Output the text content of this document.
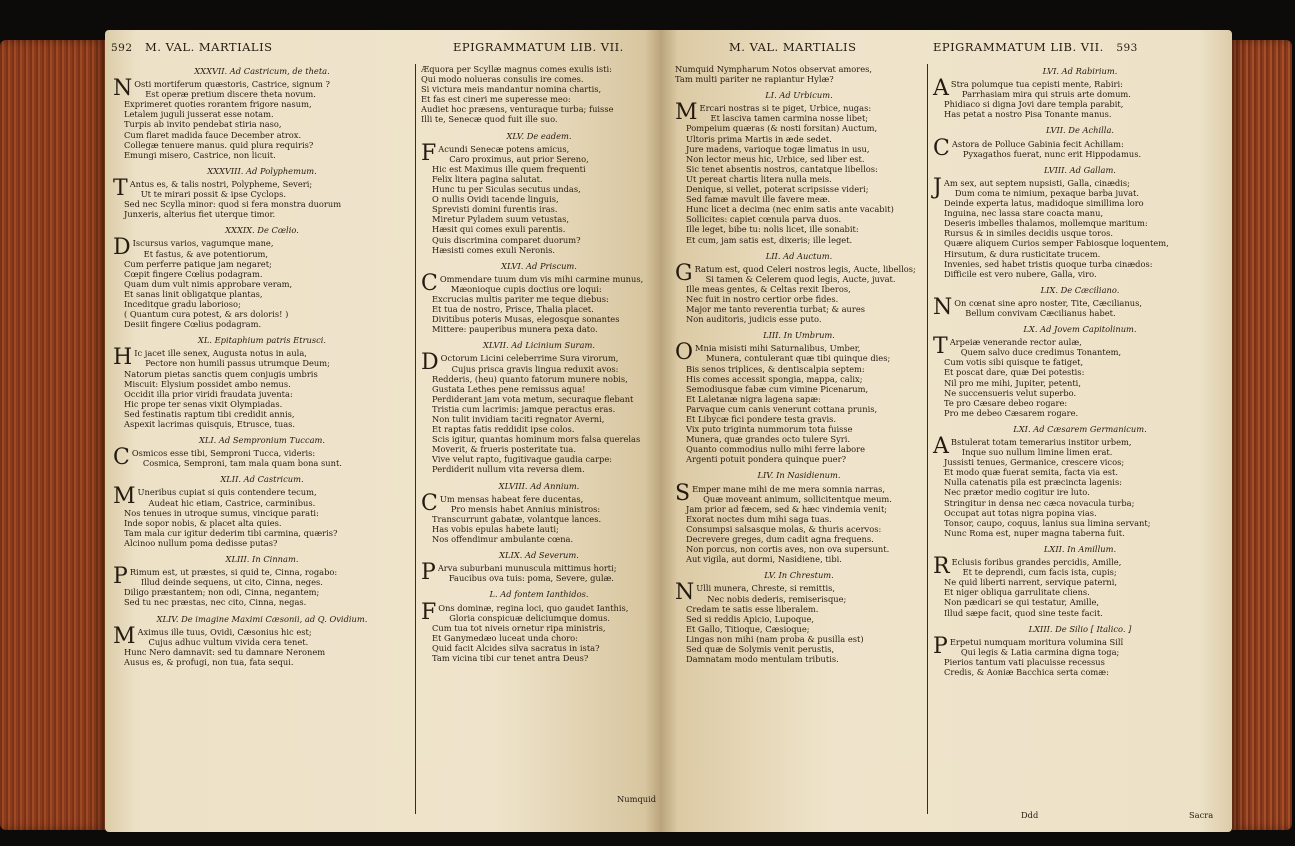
592 M. VAL. MARTIALIS	EPIGRAMMATUM LIB. VII.
XXXVII. Ad Castricum, de theta.
N Osti mortiferum quæstoris, Castrice, signum ?
Est operæ pretium discere theta novum.
Exprimeret quoties rorantem frigore nasum,
Letalem juguli jusserat esse notam.
Turpis ab invito pendebat stiria naso,
Cum flaret madida fauce December atrox.
Collegæ tenuere manus. quid plura requiris?
Emungi misero, Castrice, non licuit.
XXXVIII. Ad Polyphemum.
T Antus es, & talis nostri, Polypheme, Severi;
Ut te mirari possit & ipse Cyclops.
Sed nec Scylla minor: quod si fera monstra duorum
Junxeris, alterius fiet uterque timor.
XXXIX. De Cœlio.
D Iscursus varios, vagumque mane,
Et fastus, & ave potentiorum,
Cum perferre patique jam negaret;
Cœpit fingere Cœlius podagram.
Quam dum vult nimis approbare veram,
Et sanas linit obligatque plantas,
Inceditque gradu laborioso;
( Quantum cura potest, & ars doloris! )
Desiit fingere Cœlius podagram.
XL. Epitaphium patris Etrusci.
H Ic jacet ille senex, Augusta notus in aula,
Pectore non humili passus utrumque Deum;
Natorum pietas sanctis quem conjugis umbris
Miscuit: Elysium possidet ambo nemus.
Occidit illa prior viridi fraudata juventa:
Hic prope ter senas vixit Olympiadas.
Sed festinatis raptum tibi credidit annis,
Aspexit lacrimas quisquis, Etrusce, tuas.
XLI. Ad Sempronium Tuccam.
C Osmicos esse tibi, Semproni Tucca, videris:
Cosmica, Semproni, tam mala quam bona sunt.
XLII. Ad Castricum.
M Uneribus cupiat si quis contendere tecum,
Audeat hic etiam, Castrice, carminibus.
Nos tenues in utroque sumus, vincique parati:
Inde sopor nobis, & placet alta quies.
Tam mala cur igitur dederim tibi carmina, quæris?
Alcinoo nullum poma dedisse putas?
XLIII. In Cinnam.
P Rimum est, ut præstes, si quid te, Cinna, rogabo:
Illud deinde sequens, ut cito, Cinna, neges.
Diligo præstantem; non odi, Cinna, negantem;
Sed tu nec præstas, nec cito, Cinna, negas.
XLIV. De imagine Maximi Cæsonii, ad Q. Ovidium.
M Aximus ille tuus, Ovidi, Cæsonius hic est;
Cujus adhuc vultum vivida cera tenet.
Hunc Nero damnavit: sed tu damnare Neronem
Ausus es, & profugi, non tua, fata sequi.
Æquora per Scyllæ magnus comes exulis isti:
Qui modo nolueras consulis ire comes.
Si victura meis mandantur nomina chartis,
Et fas est cineri me superesse meo:
Audiet hoc præsens, venturaque turba; fuisse
Illi te, Senecæ quod fuit ille suo.
XLV. De eadem.
F Acundi Senecæ potens amicus,
Caro proximus, aut prior Sereno,
Hic est Maximus ille quem frequenti
Felix litera pagina salutat.
Hunc tu per Siculas secutus undas,
O nullis Ovidi tacende linguis,
Sprevisti domini furentis iras.
Miretur Pyladem suum vetustas,
Hæsit qui comes exuli parentis.
Quis discrimina comparet duorum?
Hæsisti comes exuli Neronis.
XLVI. Ad Priscum.
C Ommendare tuum dum vis mihi carmine munus,
Mæonioque cupis doctius ore loqui:
Excrucias multis pariter me teque diebus:
Et tua de nostro, Prisce, Thalia placet.
Divitibus poteris Musas, elegosque sonantes
Mittere: pauperibus munera pexa dato.
XLVII. Ad Licinium Suram.
D Octorum Licini celeberrime Sura virorum,
Cujus prisca gravis lingua reduxit avos:
Redderis, (heu) quanto fatorum munere nobis,
Gustata Lethes pene remissus aqua!
Perdiderant jam vota metum, securaque flebant
Tristia cum lacrimis: jamque peractus eras.
Non tulit invidiam taciti regnator Averni,
Et raptas fatis reddidit ipse colos.
Scis igitur, quantas hominum mors falsa querelas
Moverit, & frueris posteritate tua.
Vive velut rapto, fugitivaque gaudia carpe:
Perdiderit nullum vita reversa diem.
XLVIII. Ad Annium.
C Um mensas habeat fere ducentas,
Pro mensis habet Annius ministros:
Transcurrunt gabatæ, volantque lances.
Has vobis epulas habete lauti;
Nos offendimur ambulante cœna.
XLIX. Ad Severum.
P Arva suburbani munuscula mittimus horti;
Faucibus ova tuis: poma, Severe, gulæ.
L. Ad fontem Ianthidos.
F Ons dominæ, regina loci, quo gaudet Ianthis,
Gloria conspicuæ deliciumque domus.
Cum tua tot niveis ornetur ripa ministris,
Et Ganymedæo luceat unda choro:
Quid facit Alcides silva sacratus in ista?
Tam vicina tibi cur tenet antra Deus?
Numquid
M. VAL. MARTIALIS	EPIGRAMMATUM LIB. VII. 593
Numquid Nympharum Notos observat amores,
Tam multi pariter ne rapiantur Hylæ?
LI. Ad Urbicum.
M Ercari nostras si te piget, Urbice, nugas:
Et lasciva tamen carmina nosse libet;
Pompeium quæras (& nosti forsitan) Auctum,
Ultoris prima Martis in æde sedet.
Jure madens, varioque togæ limatus in usu,
Non lector meus hic, Urbice, sed liber est.
Sic tenet absentis nostros, cantatque libellos:
Ut pereat chartis litera nulla meis.
Denique, si vellet, poterat scripsisse videri;
Sed famæ mavult ille favere meæ.
Hunc licet a decima (nec enim satis ante vacabit)
Sollicites: capiet cœnula parva duos.
Ille leget, bibe tu: nolis licet, ille sonabit:
Et cum, jam satis est, dixeris; ille leget.
LII. Ad Auctum.
G Ratum est, quod Celeri nostros legis, Aucte, libellos;
Si tamen & Celerem quod legis, Aucte, juvat.
Ille meas gentes, & Celtas rexit Iberos,
Nec fuit in nostro certior orbe fides.
Major me tanto reverentia turbat; & aures
Non auditoris, judicis esse puto.
LIII. In Umbrum.
O Mnia misisti mihi Saturnalibus, Umber,
Munera, contulerant quæ tibi quinque dies;
Bis senos triplices, & dentiscalpia septem:
His comes accessit spongia, mappa, calix;
Semodiusque fabæ cum vimine Picenarum,
Et Laletanæ nigra lagena sapæ:
Parvaque cum canis venerunt cottana prunis,
Et Libycæ fici pondere testa gravis.
Vix puto triginta nummorum tota fuisse
Munera, quæ grandes octo tulere Syri.
Quanto commodius nullo mihi ferre labore
Argenti potuit pondera quinque puer?
LIV. In Nasidienum.
S Emper mane mihi de me mera somnia narras,
Quæ moveant animum, sollicitentque meum.
Jam prior ad fæcem, sed & hæc vindemia venit;
Exorat noctes dum mihi saga tuas.
Consumpsi salsasque molas, & thuris acervos:
Decrevere greges, dum cadit agna frequens.
Non porcus, non cortis aves, non ova supersunt.
Aut vigila, aut dormi, Nasidiene, tibi.
LV. In Chrestum.
N Ulli munera, Chreste, si remittis,
Nec nobis dederis, remiserisque;
Credam te satis esse liberalem.
Sed si reddis Apicio, Lupoque,
Et Gallo, Titioque, Cæsioque;
Lingas non mihi (nam proba & pusilla est)
Sed quæ de Solymis venit perustis,
Damnatam modo mentulam tributis.
LVI. Ad Rabirium.
A Stra polumque tua cepisti mente, Rabiri:
Parrhasiam mira qui struis arte domum.
Phidiaco si digna Jovi dare templa parabit,
Has petat a nostro Pisa Tonante manus.
LVII. De Achilla.
C Astora de Polluce Gabinia fecit Achillam:
Pyxagathos fuerat, nunc erit Hippodamus.
LVIII. Ad Gallam.
J Am sex, aut septem nupsisti, Galla, cinædis;
Dum coma te nimium, pexaque barba juvat.
Deinde experta latus, madidoque simillima loro
Inguina, nec lassa stare coacta manu,
Deseris imbelles thalamos, mollemque maritum:
Rursus & in similes decidis usque toros.
Quære aliquem Curios semper Fabiosque loquentem,
Hirsutum, & dura rusticitate trucem.
Invenies, sed habet tristis quoque turba cinædos:
Difficile est vero nubere, Galla, viro.
LIX. De Cæciliano.
N On cœnat sine apro noster, Tite, Cæcilianus,
Bellum convivam Cæcilianus habet.
LX. Ad Jovem Capitolinum.
T Arpeiæ venerande rector aulæ,
Quem salvo duce credimus Tonantem,
Cum votis sibi quisque te fatiget,
Et poscat dare, quæ Dei potestis:
Nil pro me mihi, Jupiter, petenti,
Ne succensueris velut superbo.
Te pro Cæsare debeo rogare:
Pro me debeo Cæsarem rogare.
LXI. Ad Cæsarem Germanicum.
A Bstulerat totam temerarius institor urbem,
Inque suo nullum limine limen erat.
Jussisti tenues, Germanice, crescere vicos;
Et modo quæ fuerat semita, facta via est.
Nulla catenatis pila est præcincta lagenis:
Nec prætor medio cogitur ire luto.
Stringitur in densa nec cæca novacula turba;
Occupat aut totas nigra popina vias.
Tonsor, caupo, coquus, lanius sua limina servant;
Nunc Roma est, nuper magna taberna fuit.
LXII. In Amillum.
R Eclusis foribus grandes percidis, Amille,
Et te deprendi, cum facis ista, cupis;
Ne quid liberti narrent, servique paterni,
Et niger obliqua garrulitate cliens.
Non pædicari se qui testatur, Amille,
Illud sæpe facit, quod sine teste facit.
LXIII. De Silio [ Italico. ]
P Erpetui numquam moritura volumina Silî
Qui legis & Latia carmina digna toga;
Pierios tantum vati placuisse recessus
Credis, & Aoniæ Bacchica serta comæ:
Ddd	Sacra
